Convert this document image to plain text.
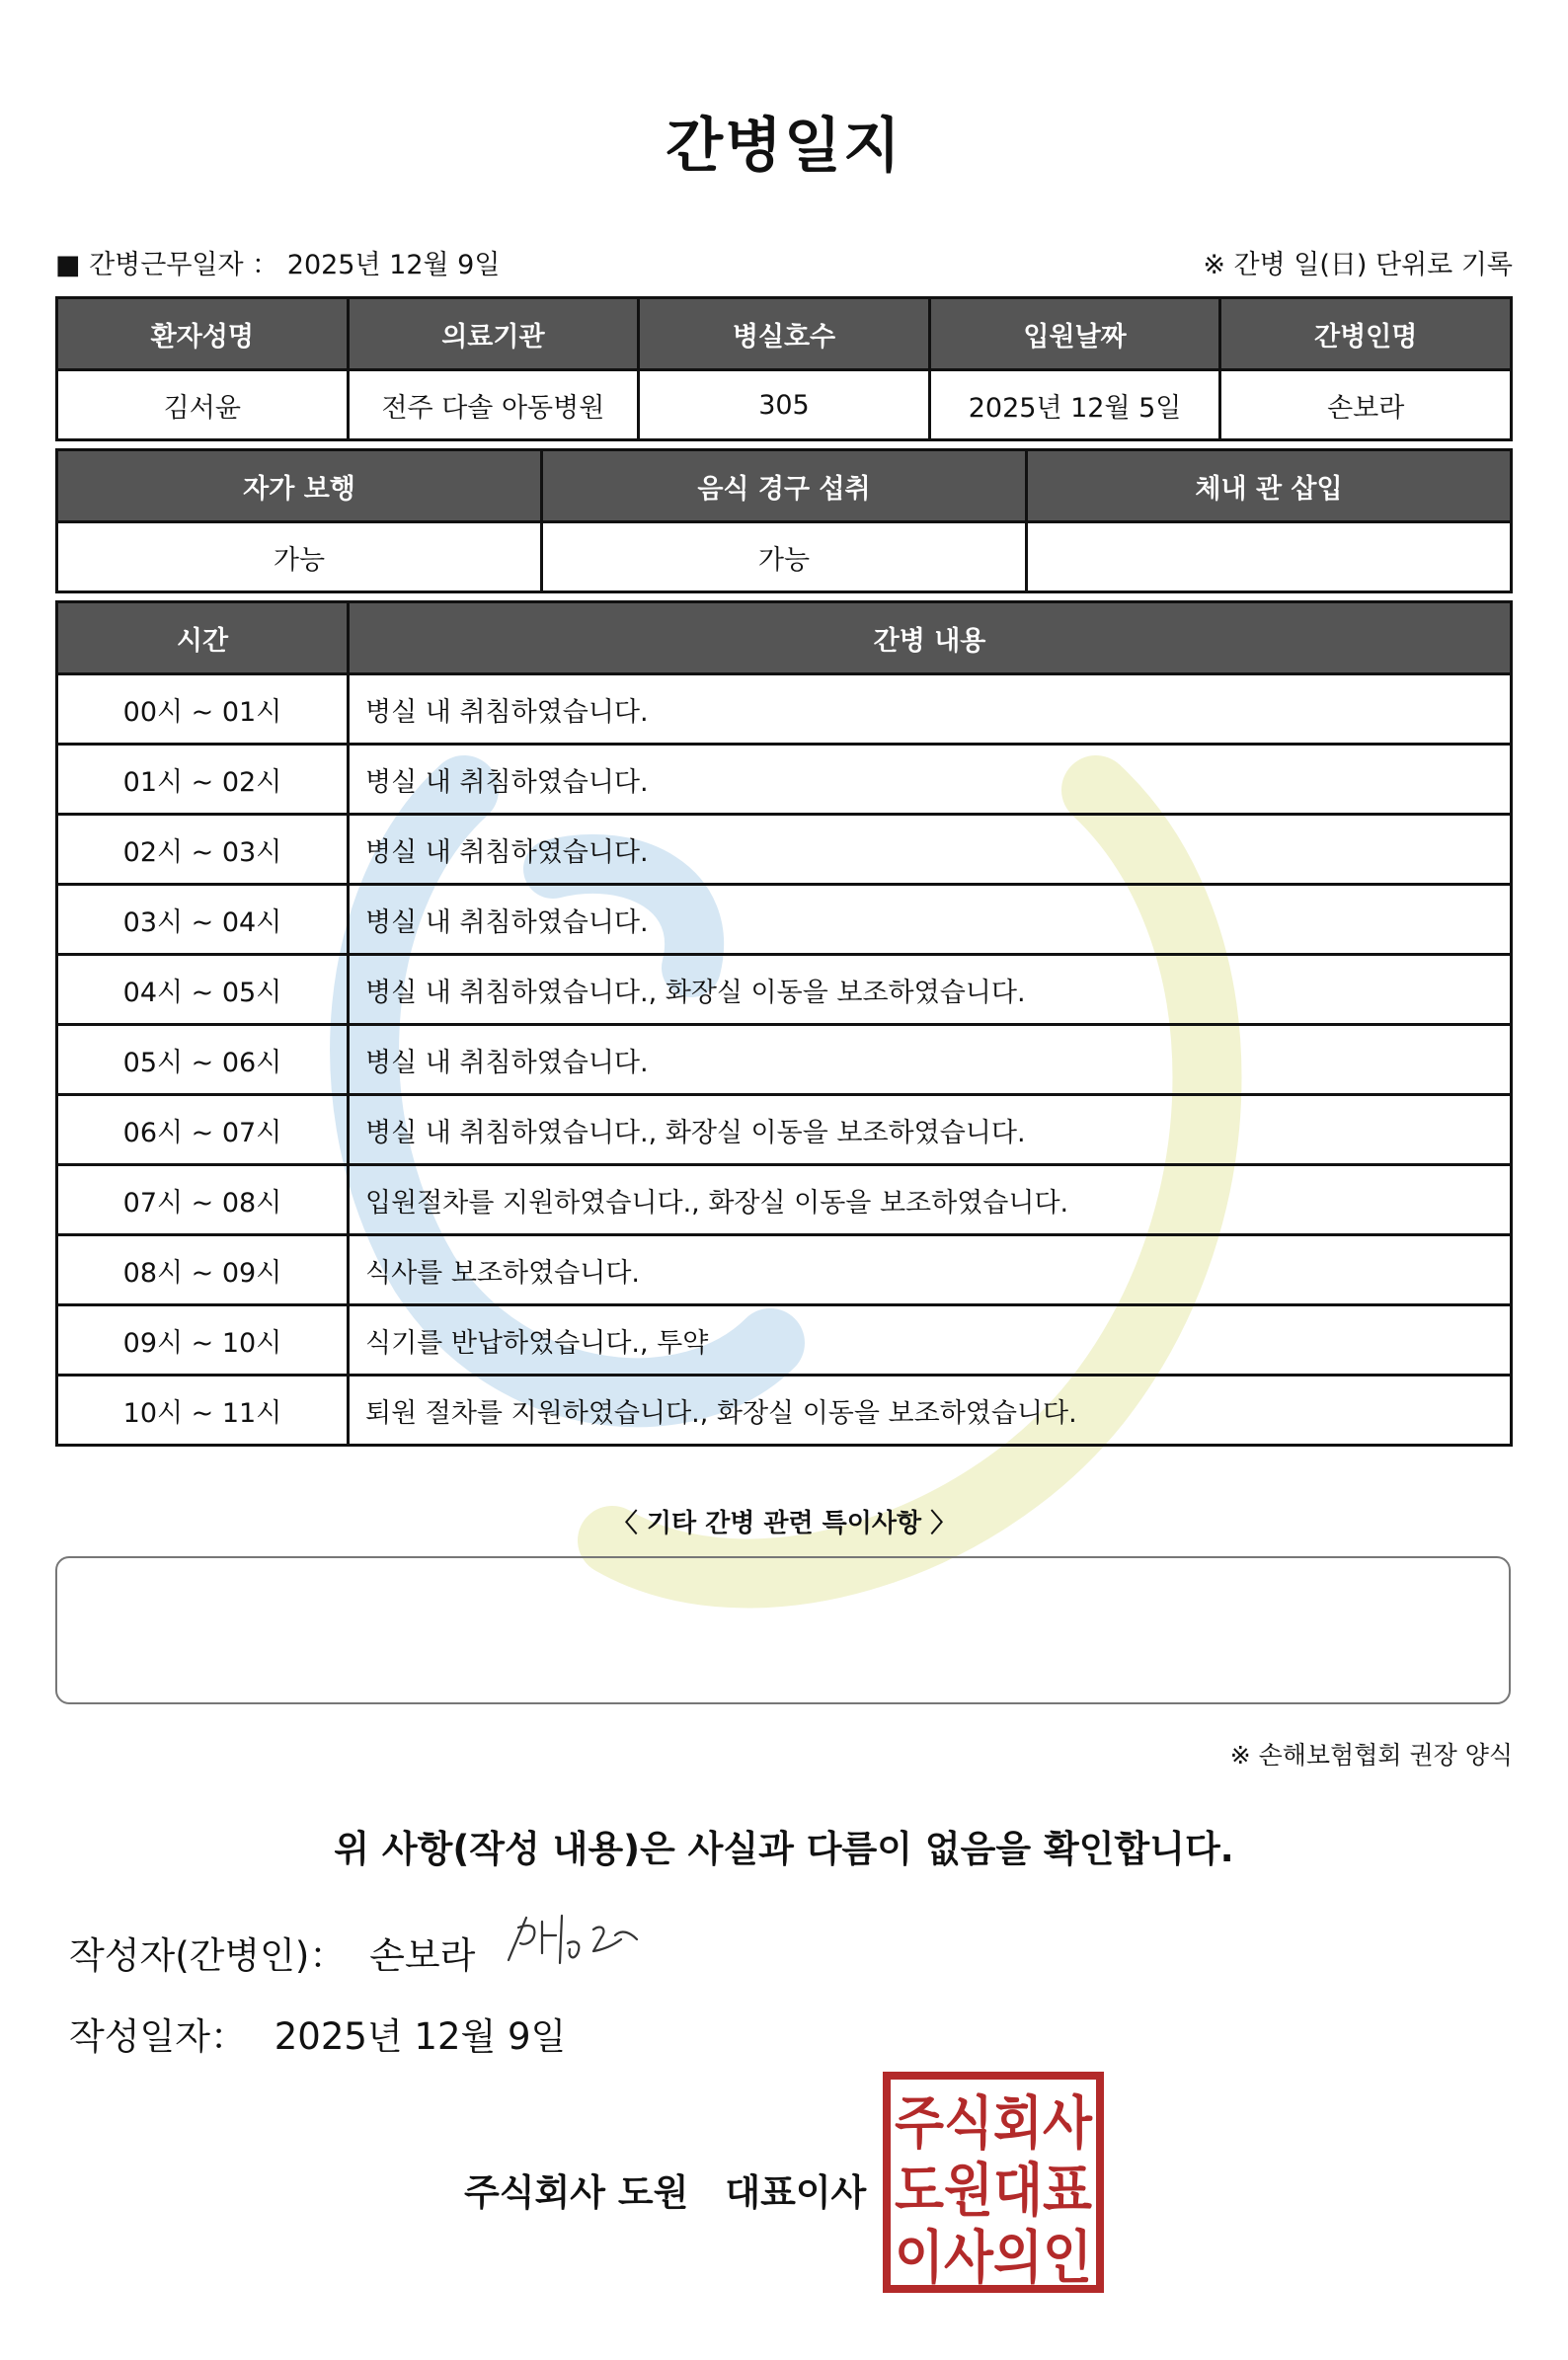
간병일지
■ 간병근무일자 ： 2025년 12월 9일	※ 간병 일(日) 단위로 기록
환자성명	의료기관	병실호수	입원날짜	간병인명
김서윤	전주 다솔 아동병원	305	2025년 12월 5일	손보라
자가 보행	음식 경구 섭취	체내 관 삽입
가능	가능	
시간	간병 내용
00시 ~ 01시	병실 내 취침하였습니다.
01시 ~ 02시	병실 내 취침하였습니다.
02시 ~ 03시	병실 내 취침하였습니다.
03시 ~ 04시	병실 내 취침하였습니다.
04시 ~ 05시	병실 내 취침하였습니다., 화장실 이동을 보조하였습니다.
05시 ~ 06시	병실 내 취침하였습니다.
06시 ~ 07시	병실 내 취침하였습니다., 화장실 이동을 보조하였습니다.
07시 ~ 08시	입원절차를 지원하였습니다., 화장실 이동을 보조하였습니다.
08시 ~ 09시	식사를 보조하였습니다.
09시 ~ 10시	식기를 반납하였습니다., 투약
10시 ~ 11시	퇴원 절차를 지원하였습니다., 화장실 이동을 보조하였습니다.
〈 기타 간병 관련 특이사항 〉
※ 손해보험협회 권장 양식
위 사항(작성 내용)은 사실과 다름이 없음을 확인합니다.
작성자(간병인)： 손보라
작성일자： 2025년 12월 9일
주식회사 도원　대표이사
주식회사
도원대표
이사의인
